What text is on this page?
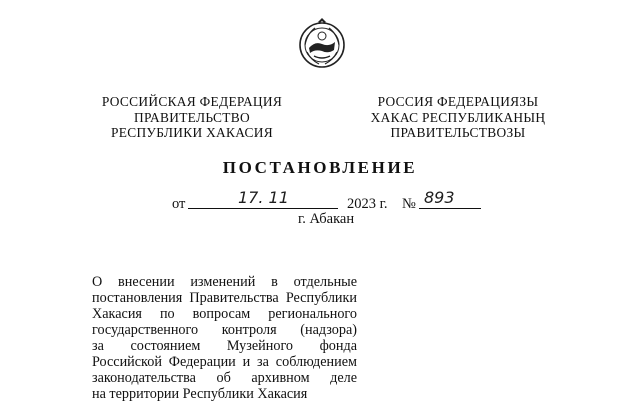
РОССИЙСКАЯ ФЕДЕРАЦИЯ
ПРАВИТЕЛЬСТВО
РЕСПУБЛИКИ ХАКАСИЯ
РОССИЯ ФЕДЕРАЦИЯЗЫ
ХАКАС РЕСПУБЛИКАНЫҢ
ПРАВИТЕЛЬСТВОЗЫ
ПОСТАНОВЛЕНИЕ
от	17. 11	2023 г. № 893
г. Абакан
О внесении изменений в отдельные
постановления Правительства Республики
Хакасия по вопросам регионального
государственного контроля (надзора)
за состоянием Музейного фонда
Российской Федерации и за соблюдением
законодательства об архивном деле
на территории Республики Хакасия
